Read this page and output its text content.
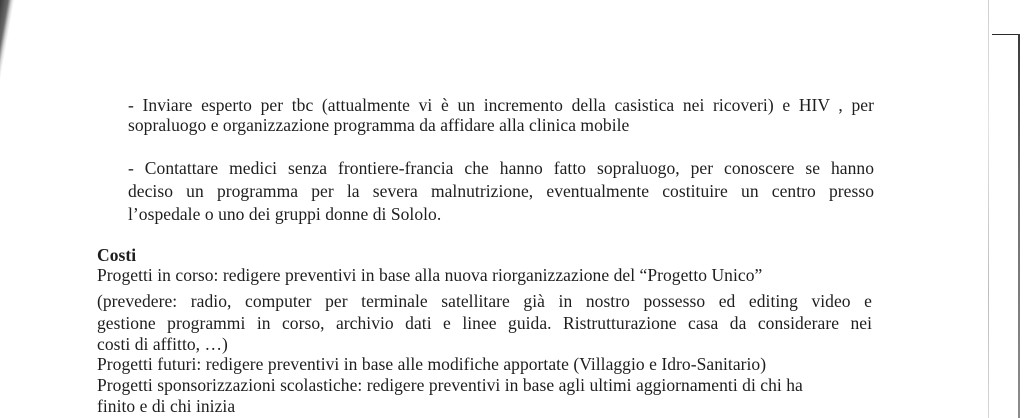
- Inviare esperto per tbc (attualmente vi è un incremento della casistica nei ricoveri) e HIV , per
sopraluogo e organizzazione programma da affidare alla clinica mobile
- Contattare medici senza frontiere-francia che hanno fatto sopraluogo, per conoscere se hanno
deciso un programma per la severa malnutrizione, eventualmente costituire un centro presso
l’ospedale o uno dei gruppi donne di Sololo.
Costi
Progetti in corso: redigere preventivi in base alla nuova riorganizzazione del “Progetto Unico”
(prevedere: radio, computer per terminale satellitare già in nostro possesso ed editing video e
gestione programmi in corso, archivio dati e linee guida. Ristrutturazione casa da considerare nei
costi di affitto, …)
Progetti futuri: redigere preventivi in base alle modifiche apportate (Villaggio e Idro-Sanitario)
Progetti sponsorizzazioni scolastiche: redigere preventivi in base agli ultimi aggiornamenti di chi ha
finito e di chi inizia
